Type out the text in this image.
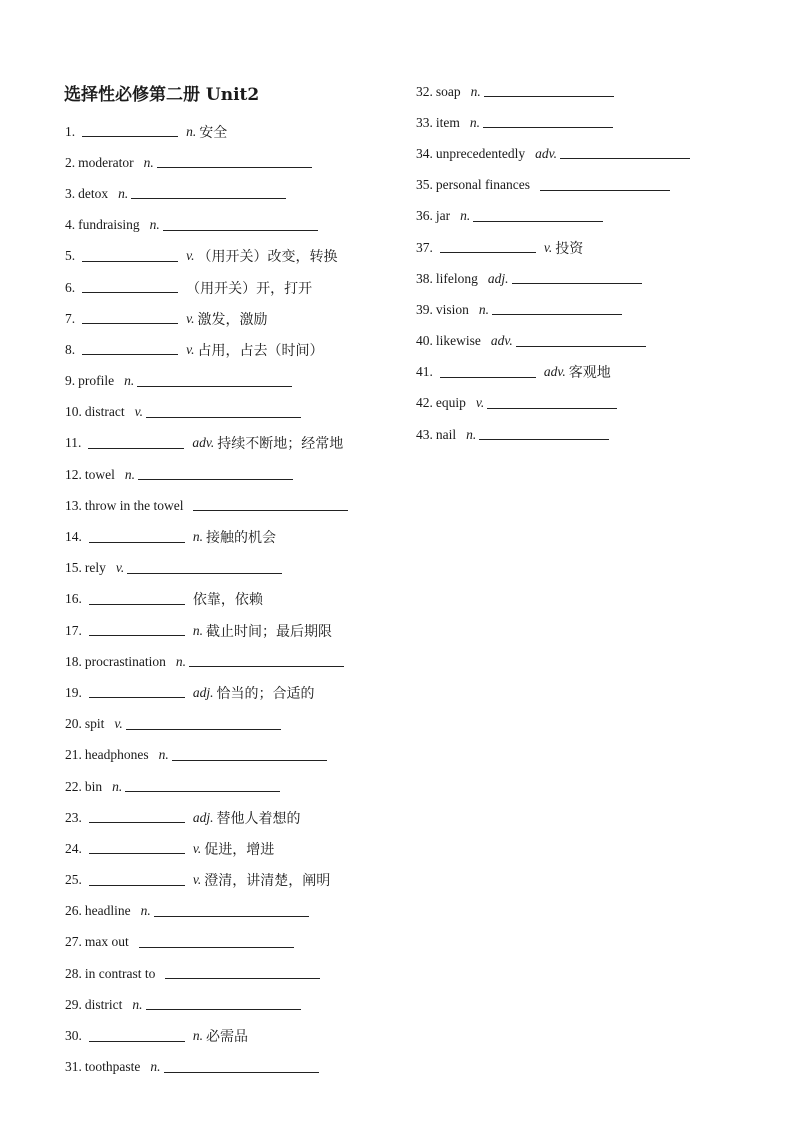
选择性必修第二册 Unit2
1.	n. 安全
2. moderator n.
3. detox n.
4. fundraising n.
5.	v. （用开关）改变，转换
6.	（用开关）开，打开
7.	v. 激发，激励
8.	v. 占用，占去（时间）
9. profile n.
10. distract v.
11.	adv. 持续不断地；经常地
12. towel n.
13. throw in the towel
14.	n. 接触的机会
15. rely v.
16.	依靠，依赖
17.	n. 截止时间；最后期限
18. procrastination n.
19.	adj. 恰当的；合适的
20. spit v.
21. headphones n.
22. bin n.
23.	adj. 替他人着想的
24.	v. 促进，增进
25.	v. 澄清，讲清楚，阐明
26. headline n.
27. max out
28. in contrast to
29. district n.
30.	n. 必需品
31. toothpaste n.
32. soap n.
33. item n.
34. unprecedentedly adv.
35. personal finances
36. jar n.
37.	v. 投资
38. lifelong adj.
39. vision n.
40. likewise adv.
41.	adv. 客观地
42. equip v.
43. nail n.
